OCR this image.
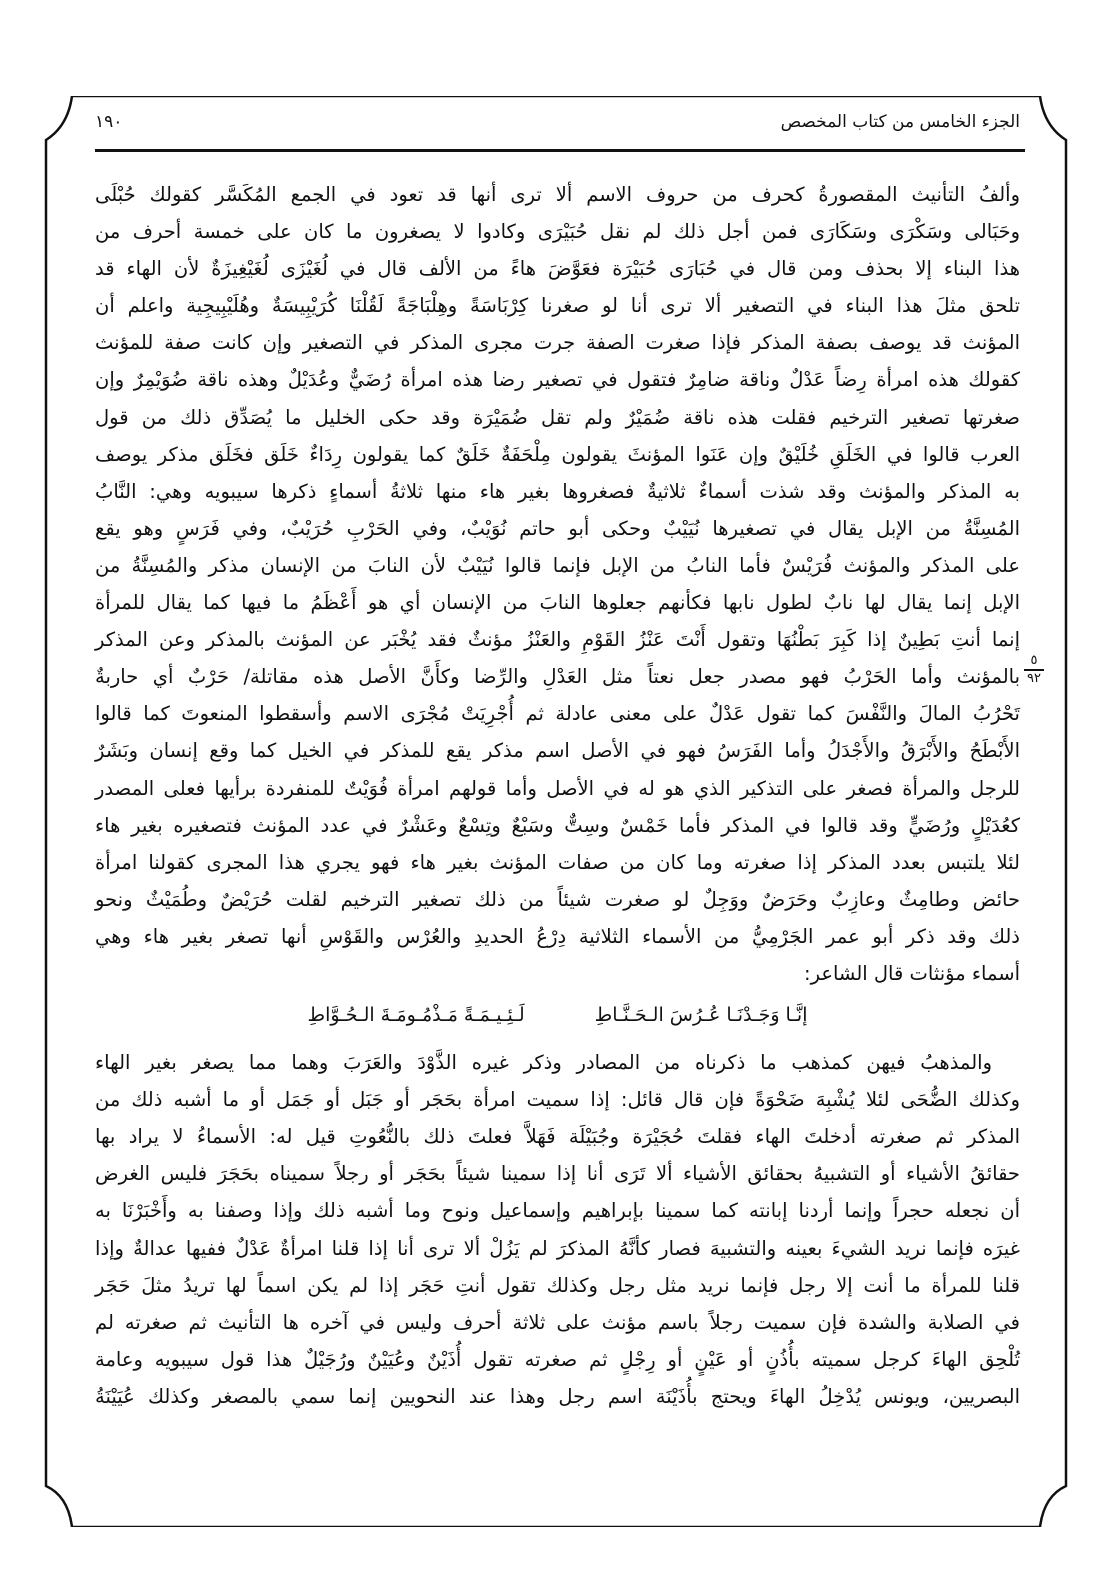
الجزء الخامس من كتاب المخصص
١٩٠
٥
٩٢
وألفُ التأنيث المقصورةُ كحرف من حروف الاسم ألا ترى أنها قد تعود في الجمع المُكَسَّر كقولك حُبْلَى
وحَبَالى وسَكْرَى وسَكَارَى فمن أجل ذلك لم نقل حُبَيْرَى وكادوا لا يصغرون ما كان على خمسة أحرف من
هذا البناء إلا بحذف ومن قال في حُبَارَى حُبَيْرَة فعَوَّضَ هاءً من الألف قال في لُغَيْزَى لُغَيْغِيزَةٌ لأن الهاء قد
تلحق مثلَ هذا البناء في التصغير ألا ترى أنا لو صغرنا كِرْبَاسَةً وهِلْبَاجَةً لَقُلْنَا كُرَيْبِيسَةٌ وهُلَيْبِيجِية واعلم أن
المؤنث قد يوصف بصفة المذكر فإذا صغرت الصفة جرت مجرى المذكر في التصغير وإن كانت صفة للمؤنث
كقولك هذه امرأة رِضاً عَدْلٌ وناقة ضامِرٌ فتقول في تصغير رضا هذه امرأة رُضَيٌّ وعُدَيْلٌ وهذه ناقة ضُوَيْمِرٌ وإن
صغرتها تصغير الترخيم فقلت هذه ناقة ضُمَيْرٌ ولم تقل ضُمَيْرَة وقد حكى الخليل ما يُصَدِّق ذلك من قول
العرب قالوا في الخَلَقِ خُلَيْقٌ وإن عَنَوا المؤنثَ يقولون مِلْحَفَةٌ خَلَقٌ كما يقولون رِدَاءٌ خَلَق فخَلَق مذكر يوصف
به المذكر والمؤنث وقد شذت أسماءٌ ثلاثيةٌ فصغروها بغير هاء منها ثلاثةُ أسماءٍ ذكرها سيبويه وهي: النَّابُ
المُسِنَّةُ من الإبل يقال في تصغيرها نُيَيْبٌ وحكى أبو حاتم نُوَيْبٌ، وفي الحَرْبِ حُرَيْبٌ، وفي فَرَسٍ وهو يقع
على المذكر والمؤنث فُرَيْسٌ فأما النابُ من الإبل فإنما قالوا نُيَيْبٌ لأن النابَ من الإنسان مذكر والمُسِنَّةُ من
الإبل إنما يقال لها نابٌ لطول نابها فكأنهم جعلوها النابَ من الإنسان أي هو أَعْظَمُ ما فيها كما يقال للمرأة
إنما أنتِ بَطِينٌ إذا كَبِرَ بَطْنُهَا وتقول أَنْتَ عَنْزُ القَوْمِ والعَنْزُ مؤنثٌ فقد يُخْبَر عن المؤنث بالمذكر وعن المذكر
بالمؤنث وأما الحَرْبُ فهو مصدر جعل نعتاً مثل العَدْلِ والرِّضا وكأَنَّ الأصل هذه مقاتلة/ حَرْبٌ أي حاربةٌ
تَحْرُبُ المالَ والنَّفْسَ كما تقول عَدْلٌ على معنى عادلة ثم أُجْرِيَتْ مُجْرَى الاسم وأسقطوا المنعوتَ كما قالوا
الأَبْطَحُ والأَبْرَقُ والأَجْدَلُ وأما الفَرَسُ فهو في الأصل اسم مذكر يقع للمذكر في الخيل كما وقع إنسان وبَشَرٌ
للرجل والمرأة فصغر على التذكير الذي هو له في الأصل وأما قولهم امرأة فُوَيْتٌ للمنفردة برأيها فعلى المصدر
كعُدَيْلٍ ورُضَيٍّ وقد قالوا في المذكر فأما خَمْسٌ وسِتٌّ وسَبْعٌ وتِسْعٌ وعَشْرٌ في عدد المؤنث فتصغيره بغير هاء
لئلا يلتبس بعدد المذكر إذا صغرته وما كان من صفات المؤنث بغير هاء فهو يجري هذا المجرى كقولنا امرأة
حائض وطامِثٌ وعازِبٌ وحَرَضٌ ووَجِلٌ لو صغرت شيئاً من ذلك تصغير الترخيم لقلت حُرَيْضٌ وطُمَيْثٌ ونحو
ذلك وقد ذكر أبو عمر الجَرْمِيُّ من الأسماء الثلاثية دِرْعُ الحديدِ والعُرْس والقَوْسِ أنها تصغر بغير هاء وهي
أسماء مؤنثات قال الشاعر:
إنَّـا وَجَـدْنَـا عُـرُسَ الـحَـنَّـاطِ
لَـئِـيـمَـةً مَـذْمُـومَـةَ الـحُـوَّاطِ
والمذهبُ فيهن كمذهب ما ذكرناه من المصادر وذكر غيره الذَّوْدَ والعَرَبَ وهما مما يصغر بغير الهاء
وكذلك الضُّحَى لئلا يُشْبِهَ ضَحْوَةً فإن قال قائل: إذا سميت امرأة بحَجَر أو جَبَل أو جَمَل أو ما أشبه ذلك من
المذكر ثم صغرته أدخلتَ الهاء فقلتَ حُجَيْرَة وجُبَيْلَة فَهَلاَّ فعلتَ ذلك بالنُّعُوتِ قيل له: الأسماءُ لا يراد بها
حقائقُ الأشياء أو التشبيهُ بحقائق الأشياء ألا تَرَى أنا إذا سمينا شيئاً بحَجَر أو رجلاً سميناه بحَجَرَ فليس الغرض
أن نجعله حجراً وإنما أردنا إبانته كما سمينا بإبراهيم وإسماعيل ونوح وما أشبه ذلك وإذا وصفنا به وأَخْبَرْنَا به
غيرَه فإنما نريد الشيءَ بعينه والتشبيهَ فصار كأنَّهُ المذكرَ لم يَزُلْ ألا ترى أنا إذا قلنا امرأةٌ عَدْلٌ ففيها عدالةٌ وإذا
قلنا للمرأة ما أنت إلا رجل فإنما نريد مثل رجل وكذلك تقول أنتِ حَجَر إذا لم يكن اسماً لها تريدُ مثلَ حَجَر
في الصلابة والشدة فإن سميت رجلاً باسم مؤنث على ثلاثة أحرف وليس في آخره ها التأنيث ثم صغرته لم
تُلْحِق الهاءَ كرجل سميته بأُذُنٍ أو عَيْنٍ أو رِجْلٍ ثم صغرته تقول أُذَيْنٌ وعُيَيْنٌ ورُجَيْلٌ هذا قول سيبويه وعامة
البصريين، ويونس يُدْخِلُ الهاءَ ويحتج بأُذَيْنَة اسم رجل وهذا عند النحويين إنما سمي بالمصغر وكذلك عُيَيْنَةُ
